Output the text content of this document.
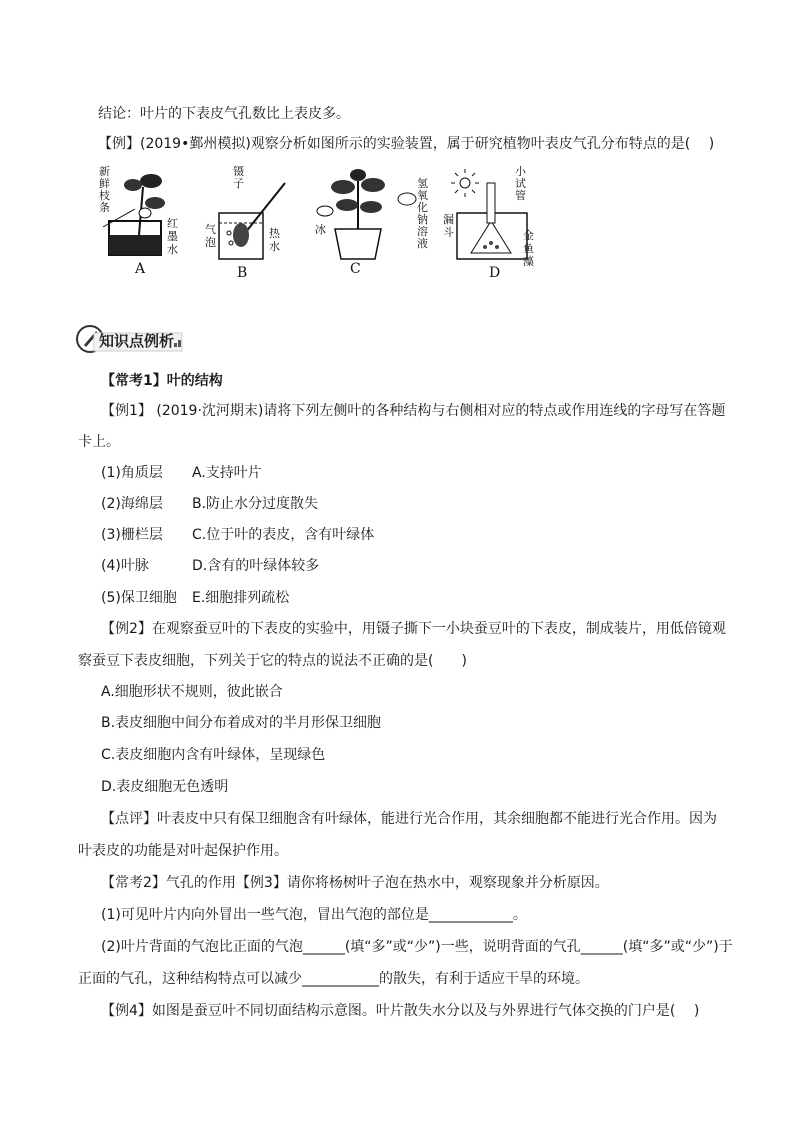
结论：叶片的下表皮气孔数比上表皮多。
【例】(2019•鄞州模拟)观察分析如图所示的实验装置，属于研究植物叶表皮气孔分布特点的是(　 )
新
鲜
枝
条
红
墨
水
A
镊
子
气
泡
热
水
B
冰
氢
氧
化
钠
溶
液
C
小
试
管
漏
斗	金
鱼
藻
D
知识点例析
【常考1】叶的结构
【例1】 (2019·沈河期末)请将下列左侧叶的各种结构与右侧相对应的特点或作用连线的字母写在答题
卡上。
(1)角质层 A.支持叶片
(2)海绵层 B.防止水分过度散失
(3)栅栏层 C.位于叶的表皮，含有叶绿体
(4)叶脉	D.含有的叶绿体较多
(5)保卫细胞 E.细胞排列疏松
【例2】在观察蚕豆叶的下表皮的实验中，用镊子撕下一小块蚕豆叶的下表皮，制成装片，用低倍镜观
察蚕豆下表皮细胞，下列关于它的特点的说法不正确的是(　　)
A.细胞形状不规则，彼此嵌合
B.表皮细胞中间分布着成对的半月形保卫细胞
C.表皮细胞内含有叶绿体，呈现绿色
D.表皮细胞无色透明
【点评】叶表皮中只有保卫细胞含有叶绿体，能进行光合作用，其余细胞都不能进行光合作用。因为
叶表皮的功能是对叶起保护作用。
【常考2】气孔的作用【例3】请你将杨树叶子泡在热水中，观察现象并分析原因。
(1)可见叶片内向外冒出一些气泡，冒出气泡的部位是____________。
(2)叶片背面的气泡比正面的气泡______(填“多”或“少”)一些，说明背面的气孔______(填“多”或“少”)于
正面的气孔，这种结构特点可以减少___________的散失，有利于适应干旱的环境。
【例4】如图是蚕豆叶不同切面结构示意图。叶片散失水分以及与外界进行气体交换的门户是(　 )
